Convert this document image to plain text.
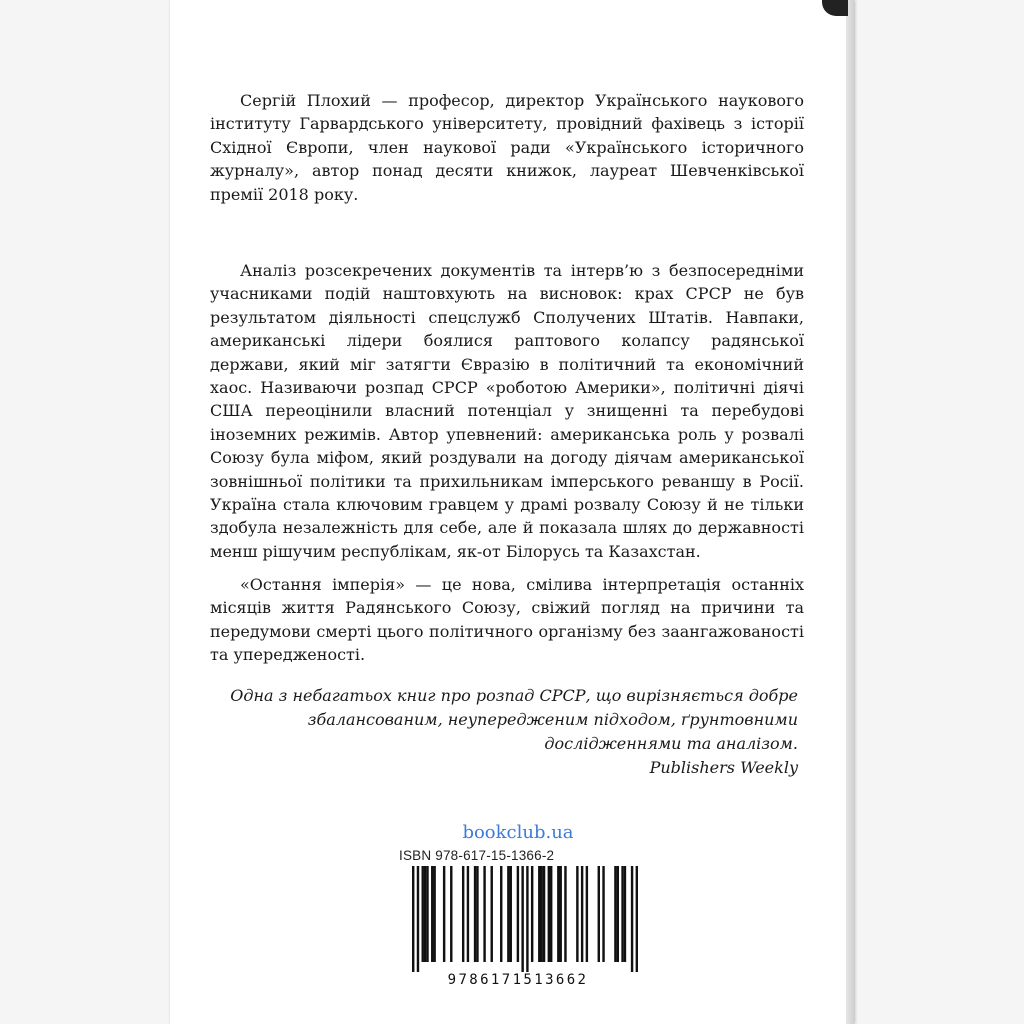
Сергій Плохий — професор, директор Українського наукового інституту Гарвардського університету, провідний фахівець з історії Східної Європи, член наукової ради «Українського історичного журналу», автор понад десяти книжок, лауреат Шевченківської премії 2018 року.

Аналіз розсекречених документів та інтерв’ю з безпосередніми учасниками подій наштовхують на висновок: крах СРСР не був результатом діяльності спецслужб Сполучених Штатів. Навпаки, американські лідери боялися раптового колапсу радянської держави, який міг затягти Євразію в політичний та економічний хаос. Називаючи розпад СРСР «роботою Америки», політичні діячі США переоцінили власний потенціал у знищенні та перебудові іноземних режимів. Автор упевнений: американська роль у розвалі Союзу була міфом, який роздували на догоду діячам американської зовнішньої політики та прихильникам імперського реваншу в Росії. Україна стала ключовим гравцем у драмі розвалу Союзу й не тільки здобула незалежність для себе, але й показала шлях до державності менш рішучим республікам, як-от Білорусь та Казахстан.

«Остання імперія» — це нова, смілива інтерпретація останніх місяців життя Радянського Союзу, свіжий погляд на причини та передумови смерті цього політичного організму без заангажованості та упередженості.

Одна з небагатьох книг про розпад СРСР, що вирізняється добре збалансованим, неупередженим підходом, ґрунтовними дослідженнями та аналізом.
Publishers Weekly
bookclub.ua
ISBN 978-617-15-1366-2
9786171513662
